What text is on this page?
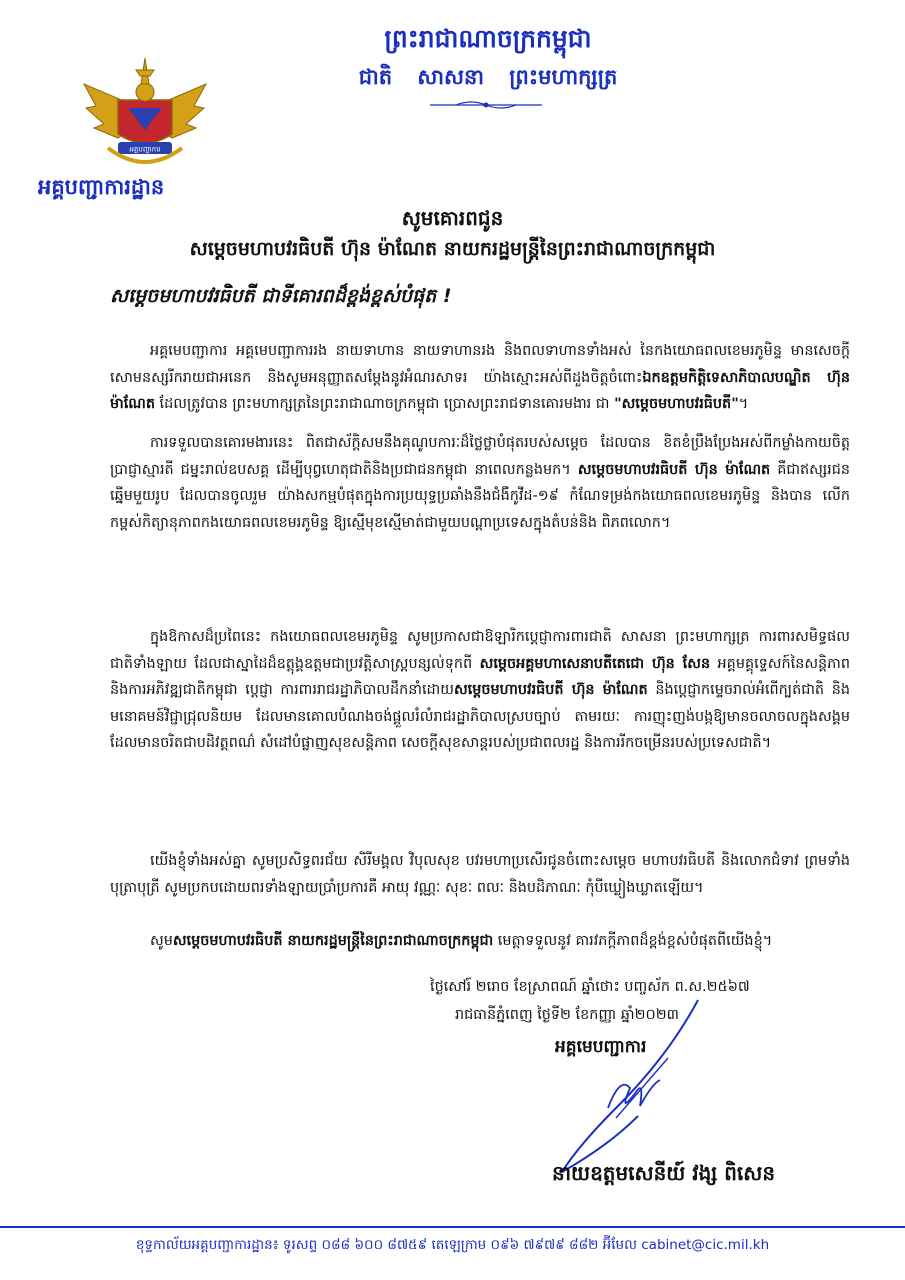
អគ្គបញ្ជាការ
អគ្គបញ្ជាការដ្ឋាន
ព្រះរាជាណាចក្រកម្ពុជា
ជាតិ សាសនា ព្រះមហាក្សត្រ
សូមគោរពជូន
សម្តេចមហាបវរធិបតី ហ៊ុន ម៉ាណែត នាយករដ្ឋមន្ត្រីនៃព្រះរាជាណាចក្រកម្ពុជា
សម្តេចមហាបវរធិបតី ជាទីគោរពដ៏ខ្ពង់ខ្ពស់បំផុត !

អគ្គមេបញ្ជាការ អគ្គមេបញ្ជាការរង នាយទាហាន នាយទាហានរង និងពលទាហានទាំងអស់ នៃកងយោធពលខេមរភូមិន្ទ មានសេចក្តីសោមនស្សរីករាយជាអនេក និងសូមអនុញ្ញាតសម្តែងនូវអំណរសាទរ យ៉ាងស្មោះអស់ពីដួងចិត្តចំពោះឯកឧត្តមកិត្តិទេសាភិបាលបណ្ឌិត ហ៊ុន ម៉ាណែត ដែលត្រូវបាន ព្រះមហាក្សត្រនៃព្រះរាជាណាចក្រកម្ពុជា ប្រោសព្រះរាជទានគោរមងារ ជា "សម្តេចមហាបវរធិបតី"។

ការទទួលបានគោរមងារនេះ ពិតជាស័ក្តិសមនឹងគុណូបការៈដ៏ថ្លៃថ្លាបំផុតរបស់សម្តេច ដែលបាន ខិតខំប្រឹងប្រែងអស់ពីកម្លាំងកាយចិត្ត ប្រាជ្ញាស្មារតី ជម្នះរាល់ឧបសគ្គ ដើម្បីបុព្វហេតុជាតិនិងប្រជាជនកម្ពុជា នាពេលកន្លងមក។ សម្តេចមហាបវរធិបតី ហ៊ុន ម៉ាណែត គឺជាឥស្សរជនឆ្នើមមួយរូប ដែលបានចូលរួម យ៉ាងសកម្មបំផុតក្នុងការប្រយុទ្ធប្រឆាំងនឹងជំងឺកូវីដ-១៩ កំណែទម្រង់កងយោធពលខេមរភូមិន្ទ និងបាន លើកកម្ពស់កិត្យានុភាពកងយោធពលខេមរភូមិន្ទ ឱ្យស្មើមុខស្មើមាត់ជាមួយបណ្តាប្រទេសក្នុងតំបន់និង ពិភពលោក។

ក្នុងឱកាសដ៏ប្រពៃនេះ កងយោធពលខេមរភូមិន្ទ សូមប្រកាសជាឱឡារិកប្តេជ្ញាការពារជាតិ សាសនា ព្រះមហាក្សត្រ ការពារសមិទ្ធផលជាតិទាំងឡាយ ដែលជាស្នាដៃដ៏ឧត្តុង្គឧត្តមជាប្រវត្តិសាស្ត្របន្សល់ទុកពី សម្តេចអគ្គមហាសេនាបតីតេជោ ហ៊ុន សែន អគ្គមគ្គុទ្ទេសក៍នៃសន្តិភាព និងការអភិវឌ្ឍជាតិកម្ពុជា ប្តេជ្ញា ការពាររាជរដ្ឋាភិបាលដឹកនាំដោយសម្តេចមហាបវរធិបតី ហ៊ុន ម៉ាណែត និងប្តេជ្ញាកម្ទេចរាល់អំពើក្បត់ជាតិ និងមនោគមន៍វិជ្ជាជ្រុលនិយម ដែលមានគោលបំណងចង់ផ្តួលរំលំរាជរដ្ឋាភិបាលស្របច្បាប់ តាមរយៈ ការញុះញង់បង្កឱ្យមានចលាចលក្នុងសង្គម ដែលមានចរិតជាបដិវត្តពណ៌ សំដៅបំផ្លាញសុខសន្តិភាព សេចក្តីសុខសាន្តរបស់ប្រជាពលរដ្ឋ និងការរីកចម្រើនរបស់ប្រទេសជាតិ។

យើងខ្ញុំទាំងអស់គ្នា សូមប្រសិទ្ធពរជ័យ សិរីមង្គល វិបុលសុខ បវរមហាប្រសើរជូនចំពោះសម្តេច មហាបវរធិបតី និងលោកជំទាវ ព្រមទាំងបុត្រាបុត្រី សូមប្រកបដោយពរទាំងឡាយប្រាំប្រការគឺ អាយុ វណ្ណៈ សុខៈ ពលៈ និងបដិភាណៈ កុំបីឃ្លៀងឃ្លាតឡើយ។

សូមសម្តេចមហាបវរធិបតី នាយករដ្ឋមន្ត្រីនៃព្រះរាជាណាចក្រកម្ពុជា មេត្តាទទួលនូវ គារវភក្តីភាពដ៏ខ្ពង់ខ្ពស់បំផុតពីយើងខ្ញុំ។

ថ្ងៃសៅរ៍ ២រោច ខែស្រាពណ៍ ឆ្នាំថោះ បញ្ចស័ក ព.ស.២៥៦៧
រាជធានីភ្នំពេញ ថ្ងៃទី២ ខែកញ្ញា ឆ្នាំ២០២៣
អគ្គមេបញ្ជាការ
នាយឧត្តមសេនីយ៍ វង្ស ពិសេន
ខុទ្ទកាល័យអគ្គបញ្ជាការដ្ឋាន៖ ទូរសព្ទ ០៨៨ ៦០០ ៨៧៥៩ តេឡេក្រាម ០៩៦ ៧៩៧៩ ៨៨២ អ៊ីមែល cabinet@cic.mil.kh
